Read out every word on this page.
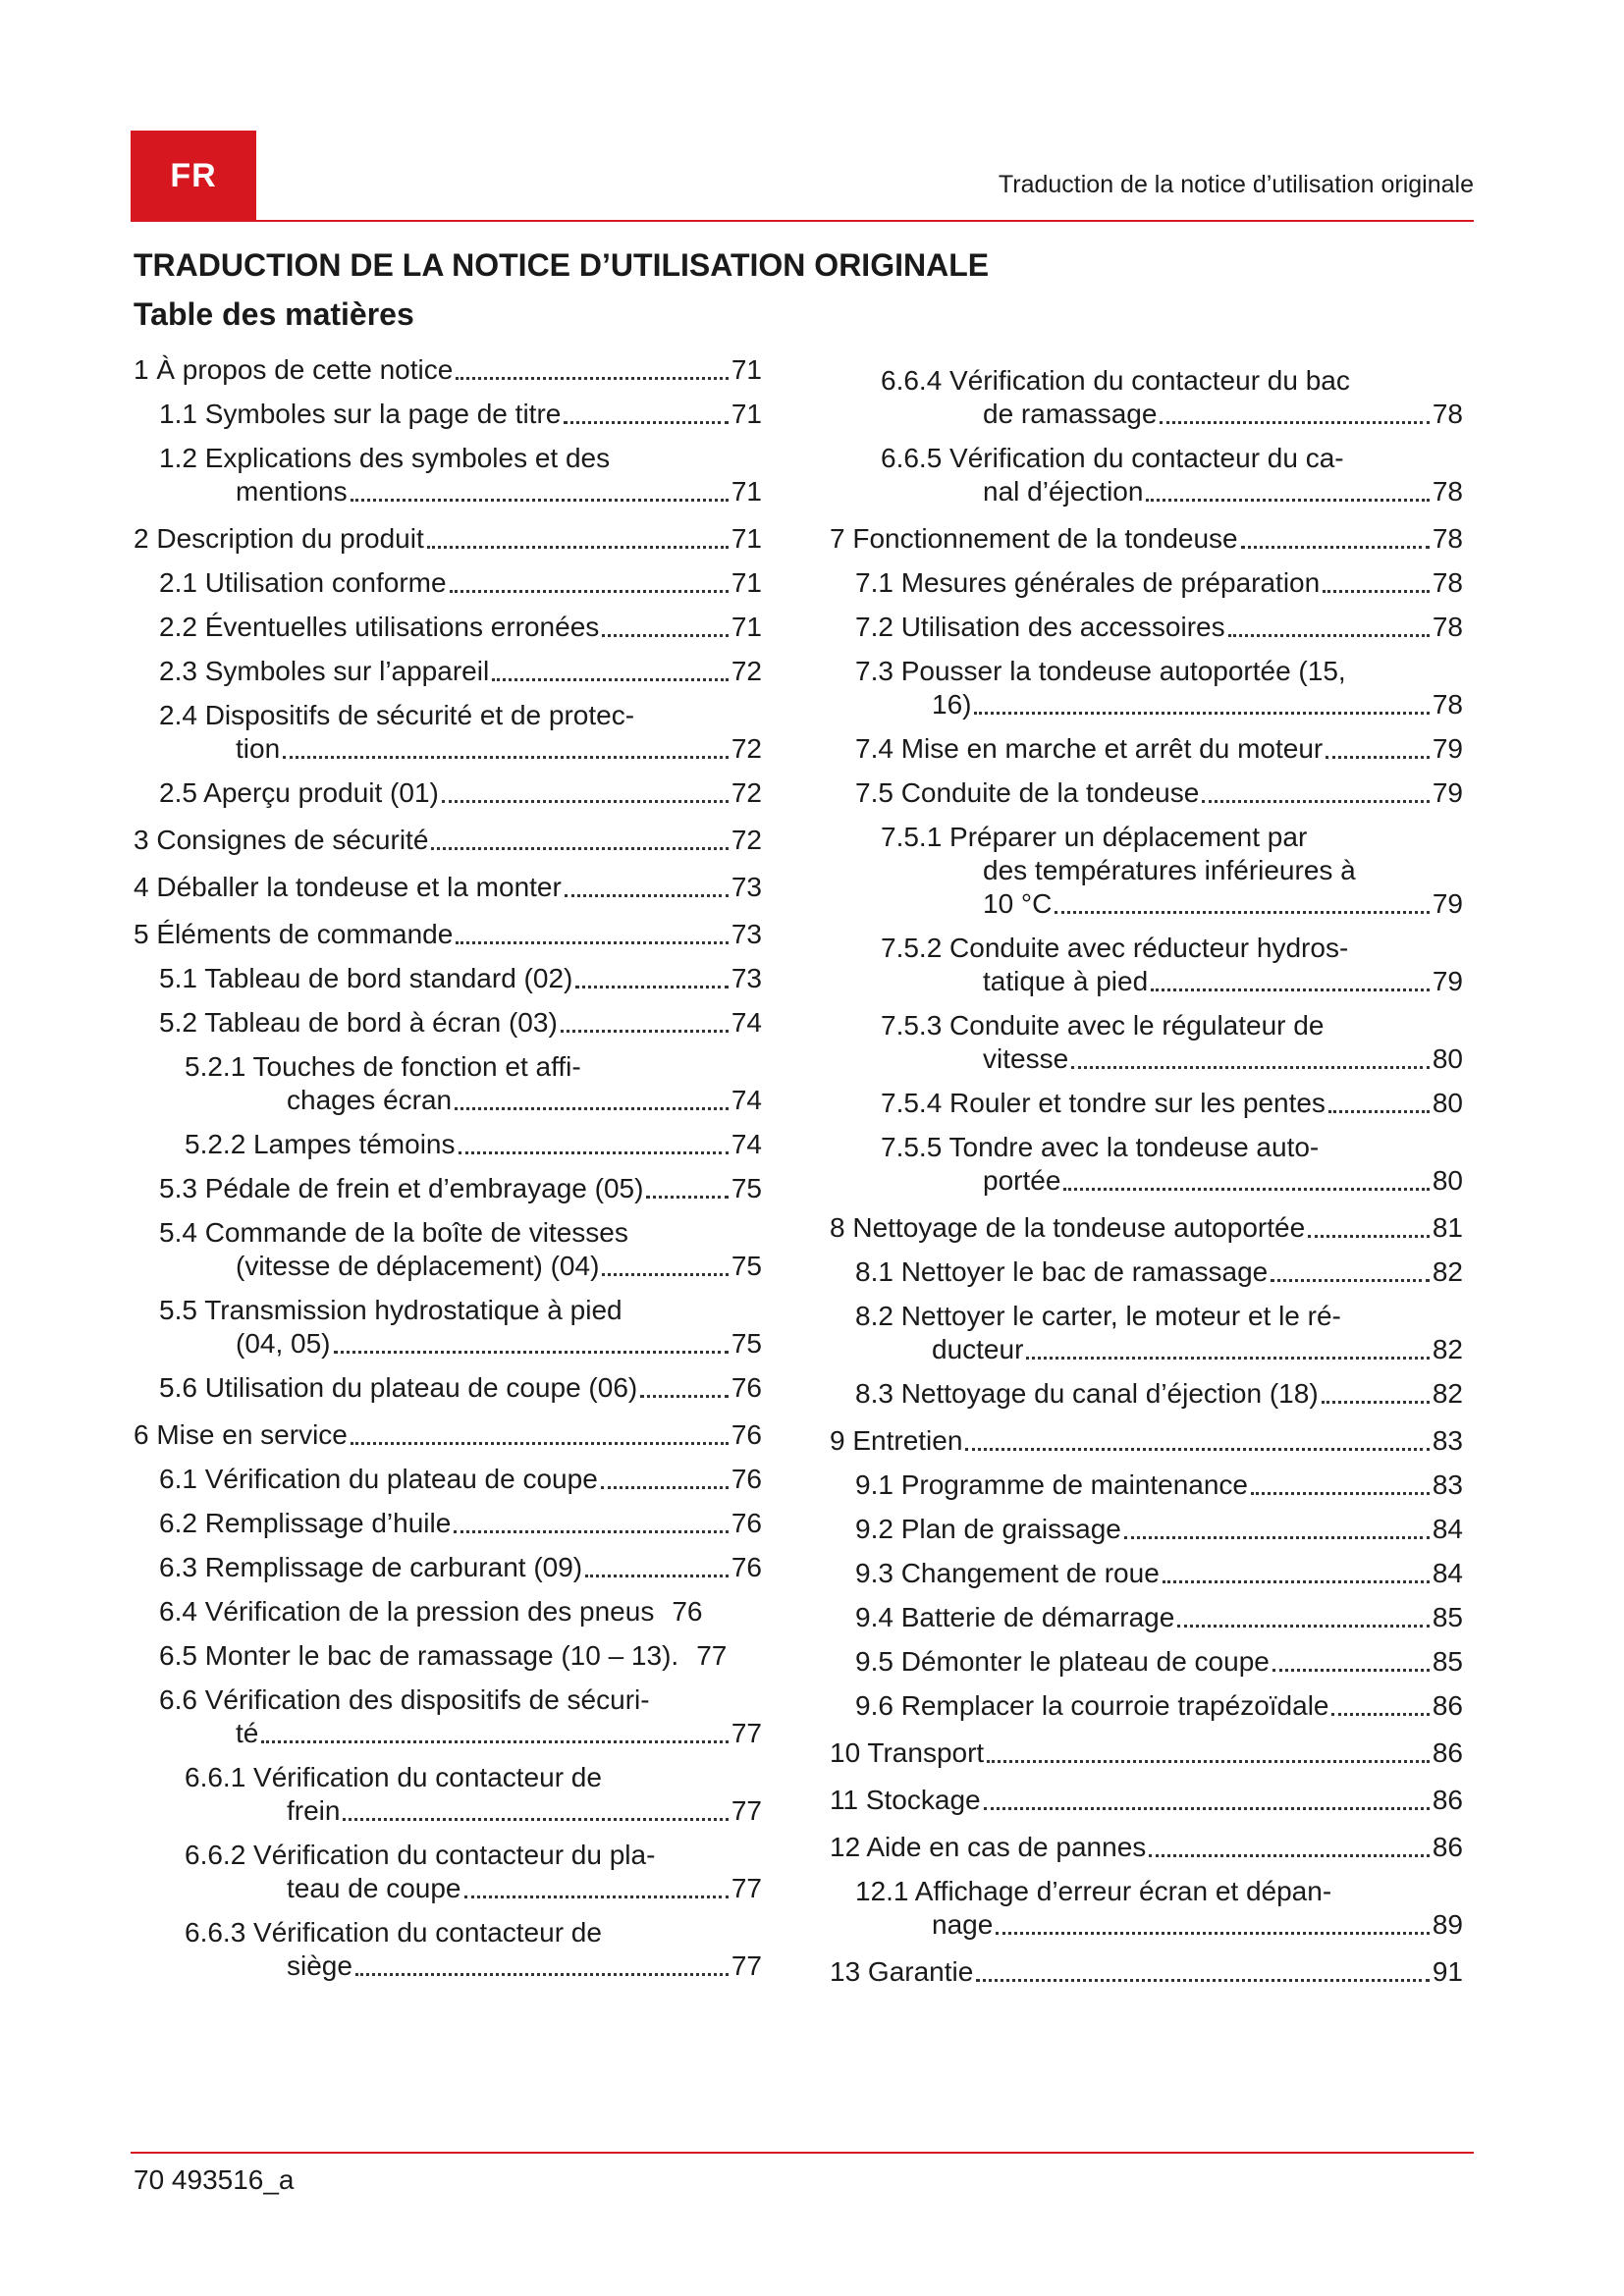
FR	Traduction de la notice d’utilisation originale
TRADUCTION DE LA NOTICE D’UTILISATION ORIGINALE
Table des matières
1 À propos de cette notice	71
1.1 Symboles sur la page de titre	71
1.2 Explications des symboles et des
mentions	71
2 Description du produit	71
2.1 Utilisation conforme	71
2.2 Éventuelles utilisations erronées	71
2.3 Symboles sur l’appareil	72
2.4 Dispositifs de sécurité et de protec-
tion	72
2.5 Aperçu produit (01)	72
3 Consignes de sécurité	72
4 Déballer la tondeuse et la monter	73
5 Éléments de commande	73
5.1 Tableau de bord standard (02)	73
5.2 Tableau de bord à écran (03)	74
5.2.1 Touches de fonction et affi-
chages écran	74
5.2.2 Lampes témoins	74
5.3 Pédale de frein et d’embrayage (05)	75
5.4 Commande de la boîte de vitesses
(vitesse de déplacement) (04)	75
5.5 Transmission hydrostatique à pied
(04, 05)	75
5.6 Utilisation du plateau de coupe (06)	76
6 Mise en service	76
6.1 Vérification du plateau de coupe	76
6.2 Remplissage d’huile	76
6.3 Remplissage de carburant (09)	76
6.4 Vérification de la pression des pneus 76
6.5 Monter le bac de ramassage (10 – 13). 77
6.6 Vérification des dispositifs de sécuri-
té	77
6.6.1 Vérification du contacteur de
frein	77
6.6.2 Vérification du contacteur du pla-
teau de coupe	77
6.6.3 Vérification du contacteur de
siège	77
6.6.4 Vérification du contacteur du bac
de ramassage	78
6.6.5 Vérification du contacteur du ca-
nal d’éjection	78
7 Fonctionnement de la tondeuse	78
7.1 Mesures générales de préparation	78
7.2 Utilisation des accessoires	78
7.3 Pousser la tondeuse autoportée (15,
16)	78
7.4 Mise en marche et arrêt du moteur	79
7.5 Conduite de la tondeuse	79
7.5.1 Préparer un déplacement par
des températures inférieures à
10 °C	79
7.5.2 Conduite avec réducteur hydros-
tatique à pied	79
7.5.3 Conduite avec le régulateur de
vitesse	80
7.5.4 Rouler et tondre sur les pentes	80
7.5.5 Tondre avec la tondeuse auto-
portée	80
8 Nettoyage de la tondeuse autoportée	81
8.1 Nettoyer le bac de ramassage	82
8.2 Nettoyer le carter, le moteur et le ré-
ducteur	82
8.3 Nettoyage du canal d’éjection (18)	82
9 Entretien	83
9.1 Programme de maintenance	83
9.2 Plan de graissage	84
9.3 Changement de roue	84
9.4 Batterie de démarrage	85
9.5 Démonter le plateau de coupe	85
9.6 Remplacer la courroie trapézoïdale	86
10 Transport	86
11 Stockage	86
12 Aide en cas de pannes	86
12.1 Affichage d’erreur écran et dépan-
nage	89
13 Garantie	91
70 493516_a
